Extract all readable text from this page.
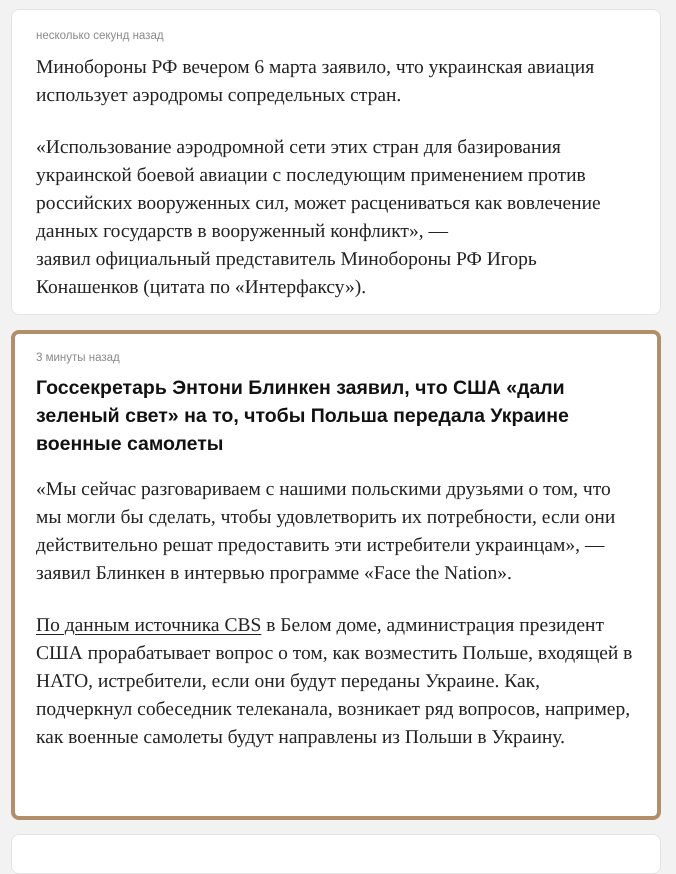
несколько секунд назад

Минобороны РФ вечером 6 марта заявило, что украинская авиация использует аэродромы сопредельных стран.

«Использование аэродромной сети этих стран для базирования украинской боевой авиации с последующим применением против российских вооруженных сил, может расцениваться как вовлечение данных государств в вооруженный конфликт», —
заявил официальный представитель Минобороны РФ Игорь Конашенков (цитата по «Интерфаксу»).

3 минуты назад

Госсекретарь Энтони Блинкен заявил, что США «дали зеленый свет» на то, чтобы Польша передала Украине военные самолеты

«Мы сейчас разговариваем с нашими польскими друзьями о том, что мы могли бы сделать, чтобы удовлетворить их потребности, если они действительно решат предоставить эти истребители украинцам», — заявил Блинкен в интервью программе «Face the Nation».

По данным источника CBS в Белом доме, администрация президент США прорабатывает вопрос о том, как возместить Польше, входящей в НАТО, истребители, если они будут переданы Украине. Как, подчеркнул собеседник телеканала, возникает ряд вопросов, например, как военные самолеты будут направлены из Польши в Украину.
